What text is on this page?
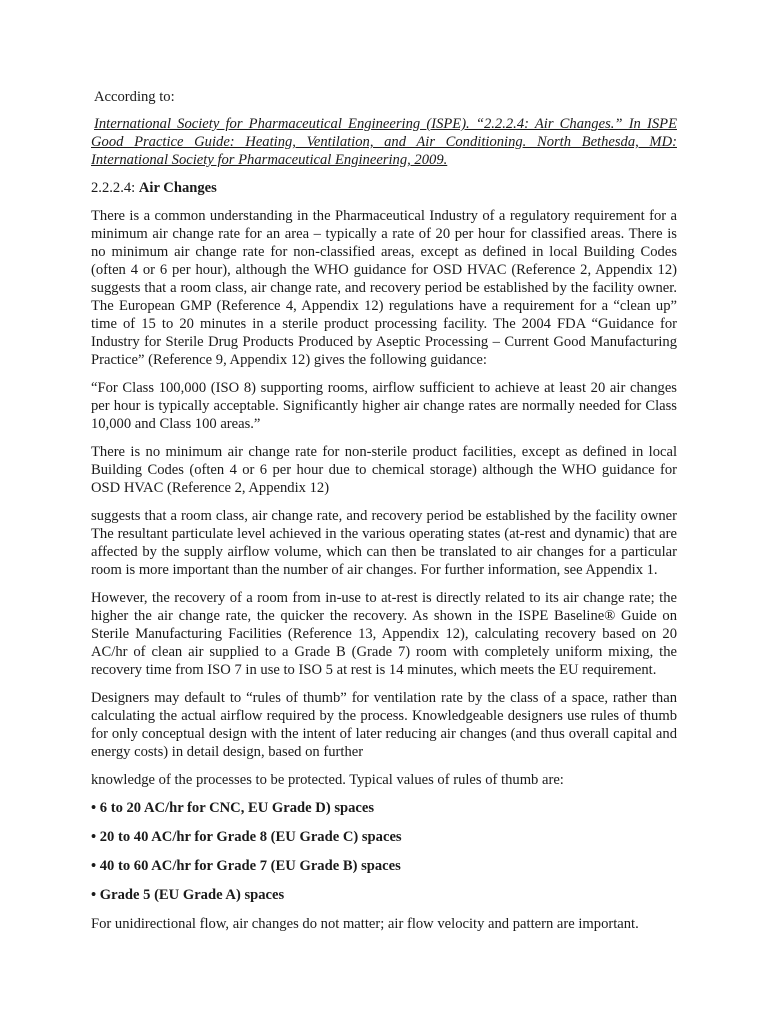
According to:

International Society for Pharmaceutical Engineering (ISPE). “2.2.2.4: Air Changes.” In ISPE Good Practice Guide: Heating, Ventilation, and Air Conditioning. North Bethesda, MD: International Society for Pharmaceutical Engineering, 2009.

2.2.2.4: Air Changes

There is a common understanding in the Pharmaceutical Industry of a regulatory requirement for a minimum air change rate for an area – typically a rate of 20 per hour for classified areas. There is no minimum air change rate for non-classified areas, except as defined in local Building Codes (often 4 or 6 per hour), although the WHO guidance for OSD HVAC (Reference 2, Appendix 12) suggests that a room class, air change rate, and recovery period be established by the facility owner. The European GMP (Reference 4, Appendix 12) regulations have a requirement for a “clean up” time of 15 to 20 minutes in a sterile product processing facility. The 2004 FDA “Guidance for Industry for Sterile Drug Products Produced by Aseptic Processing – Current Good Manufacturing Practice” (Reference 9, Appendix 12) gives the following guidance:

“For Class 100,000 (ISO 8) supporting rooms, airflow sufficient to achieve at least 20 air changes per hour is typically acceptable. Significantly higher air change rates are normally needed for Class 10,000 and Class 100 areas.”

There is no minimum air change rate for non-sterile product facilities, except as defined in local Building Codes (often 4 or 6 per hour due to chemical storage) although the WHO guidance for OSD HVAC (Reference 2, Appendix 12)

suggests that a room class, air change rate, and recovery period be established by the facility owner The resultant particulate level achieved in the various operating states (at-rest and dynamic) that are affected by the supply airflow volume, which can then be translated to air changes for a particular room is more important than the number of air changes. For further information, see Appendix 1.

However, the recovery of a room from in-use to at-rest is directly related to its air change rate; the higher the air change rate, the quicker the recovery. As shown in the ISPE Baseline® Guide on Sterile Manufacturing Facilities (Reference 13, Appendix 12), calculating recovery based on 20 AC/hr of clean air supplied to a Grade B (Grade 7) room with completely uniform mixing, the recovery time from ISO 7 in use to ISO 5 at rest is 14 minutes, which meets the EU requirement.

Designers may default to “rules of thumb” for ventilation rate by the class of a space, rather than calculating the actual airflow required by the process. Knowledgeable designers use rules of thumb for only conceptual design with the intent of later reducing air changes (and thus overall capital and energy costs) in detail design, based on further

knowledge of the processes to be protected. Typical values of rules of thumb are:

• 6 to 20 AC/hr for CNC, EU Grade D) spaces

• 20 to 40 AC/hr for Grade 8 (EU Grade C) spaces

• 40 to 60 AC/hr for Grade 7 (EU Grade B) spaces

• Grade 5 (EU Grade A) spaces

For unidirectional flow, air changes do not matter; air flow velocity and pattern are important.
